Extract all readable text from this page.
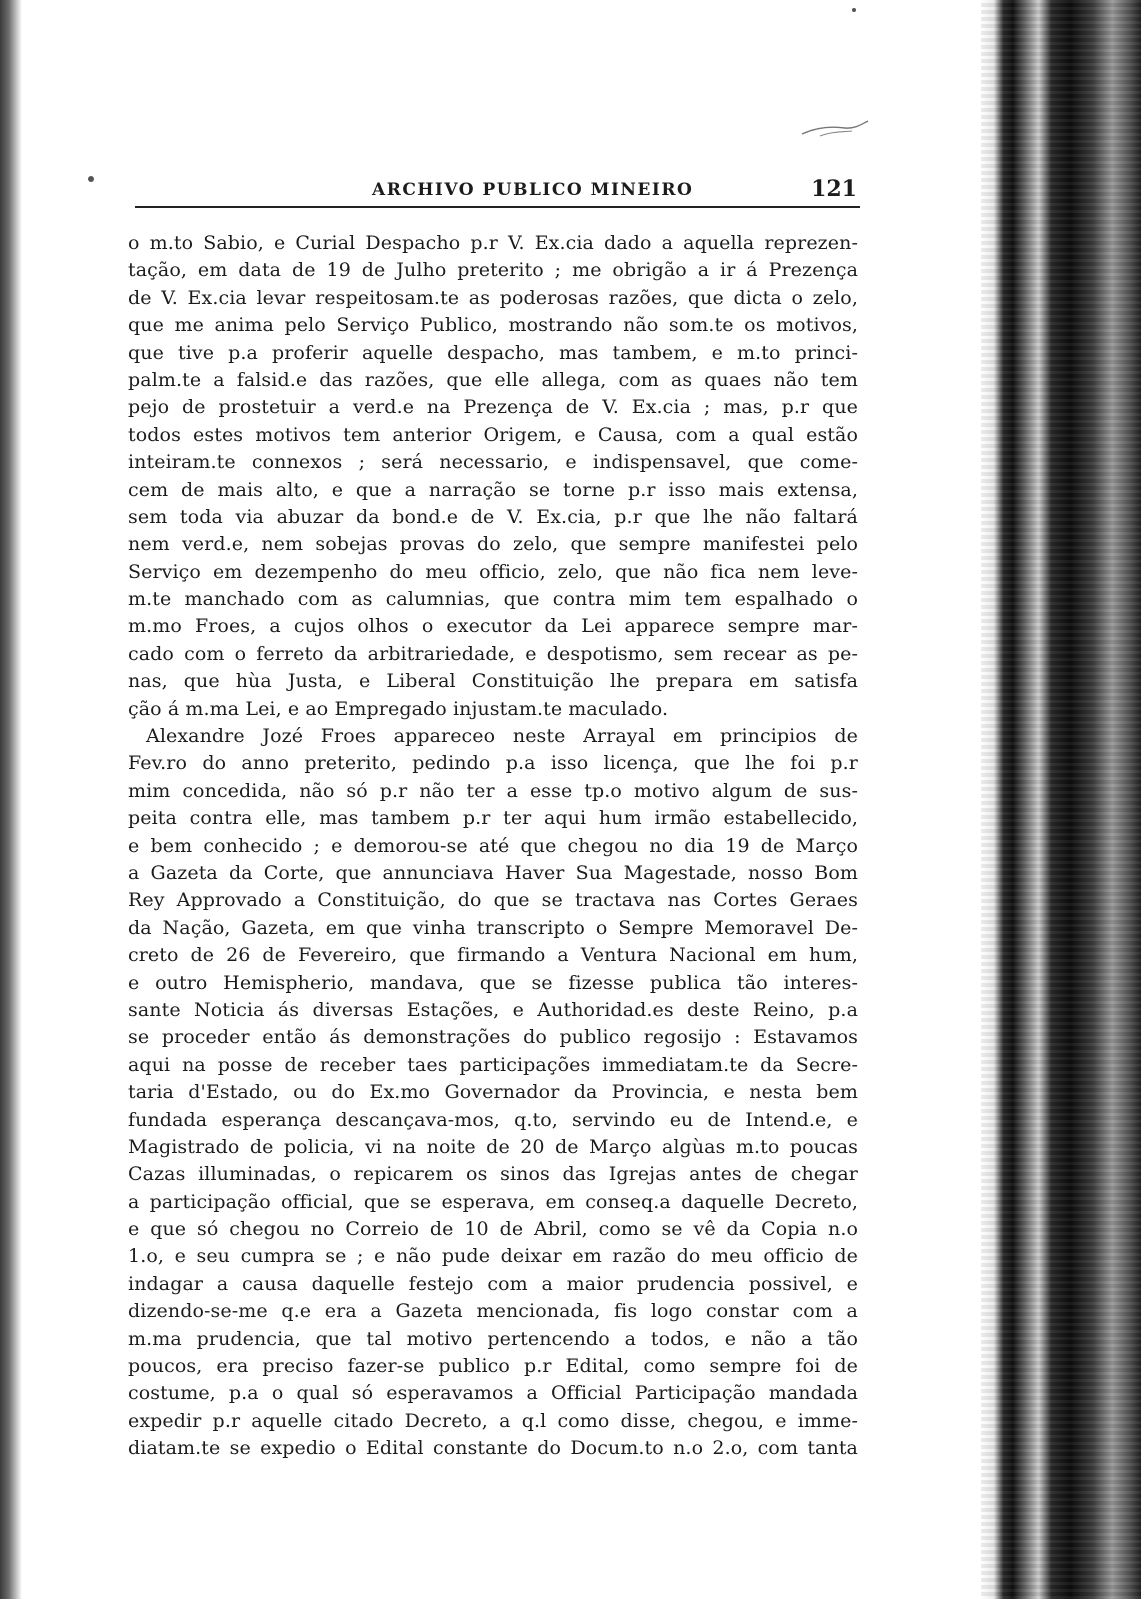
ARCHIVO PUBLICO MINEIRO	121
o m.to Sabio, e Curial Despacho p.r V. Ex.cia dado a aquella reprezen-
tação, em data de 19 de Julho preterito ; me obrigão a ir á Prezença
de V. Ex.cia levar respeitosam.te as poderosas razões, que dicta o zelo,
que me anima pelo Serviço Publico, mostrando não som.te os motivos,
que tive p.a proferir aquelle despacho, mas tambem, e m.to princi-
palm.te a falsid.e das razões, que elle allega, com as quaes não tem
pejo de prostetuir a verd.e na Prezença de V. Ex.cia ; mas, p.r que
todos estes motivos tem anterior Origem, e Causa, com a qual estão
inteiram.te connexos ; será necessario, e indispensavel, que come-
cem de mais alto, e que a narração se torne p.r isso mais extensa,
sem toda via abuzar da bond.e de V. Ex.cia, p.r que lhe não faltará
nem verd.e, nem sobejas provas do zelo, que sempre manifestei pelo
Serviço em dezempenho do meu officio, zelo, que não fica nem leve-
m.te manchado com as calumnias, que contra mim tem espalhado o
m.mo Froes, a cujos olhos o executor da Lei apparece sempre mar-
cado com o ferreto da arbitrariedade, e despotismo, sem recear as pe-
nas, que hùa Justa, e Liberal Constituição lhe prepara em satisfa
ção á m.ma Lei, e ao Empregado injustam.te maculado.
Alexandre Jozé Froes appareceo neste Arrayal em principios de
Fev.ro do anno preterito, pedindo p.a isso licença, que lhe foi p.r
mim concedida, não só p.r não ter a esse tp.o motivo algum de sus-
peita contra elle, mas tambem p.r ter aqui hum irmão estabellecido,
e bem conhecido ; e demorou-se até que chegou no dia 19 de Março
a Gazeta da Corte, que annunciava Haver Sua Magestade, nosso Bom
Rey Approvado a Constituição, do que se tractava nas Cortes Geraes
da Nação, Gazeta, em que vinha transcripto o Sempre Memoravel De-
creto de 26 de Fevereiro, que firmando a Ventura Nacional em hum,
e outro Hemispherio, mandava, que se fizesse publica tão interes-
sante Noticia ás diversas Estações, e Authoridad.es deste Reino, p.a
se proceder então ás demonstrações do publico regosijo : Estavamos
aqui na posse de receber taes participações immediatam.te da Secre-
taria d'Estado, ou do Ex.mo Governador da Provincia, e nesta bem
fundada esperança descançava-mos, q.to, servindo eu de Intend.e, e
Magistrado de policia, vi na noite de 20 de Março algùas m.to poucas
Cazas illuminadas, o repicarem os sinos das Igrejas antes de chegar
a participação official, que se esperava, em conseq.a daquelle Decreto,
e que só chegou no Correio de 10 de Abril, como se vê da Copia n.o
1.o, e seu cumpra se ; e não pude deixar em razão do meu officio de
indagar a causa daquelle festejo com a maior prudencia possivel, e
dizendo-se-me q.e era a Gazeta mencionada, fis logo constar com a
m.ma prudencia, que tal motivo pertencendo a todos, e não a tão
poucos, era preciso fazer-se publico p.r Edital, como sempre foi de
costume, p.a o qual só esperavamos a Official Participação mandada
expedir p.r aquelle citado Decreto, a q.l como disse, chegou, e imme-
diatam.te se expedio o Edital constante do Docum.to n.o 2.o, com tanta
